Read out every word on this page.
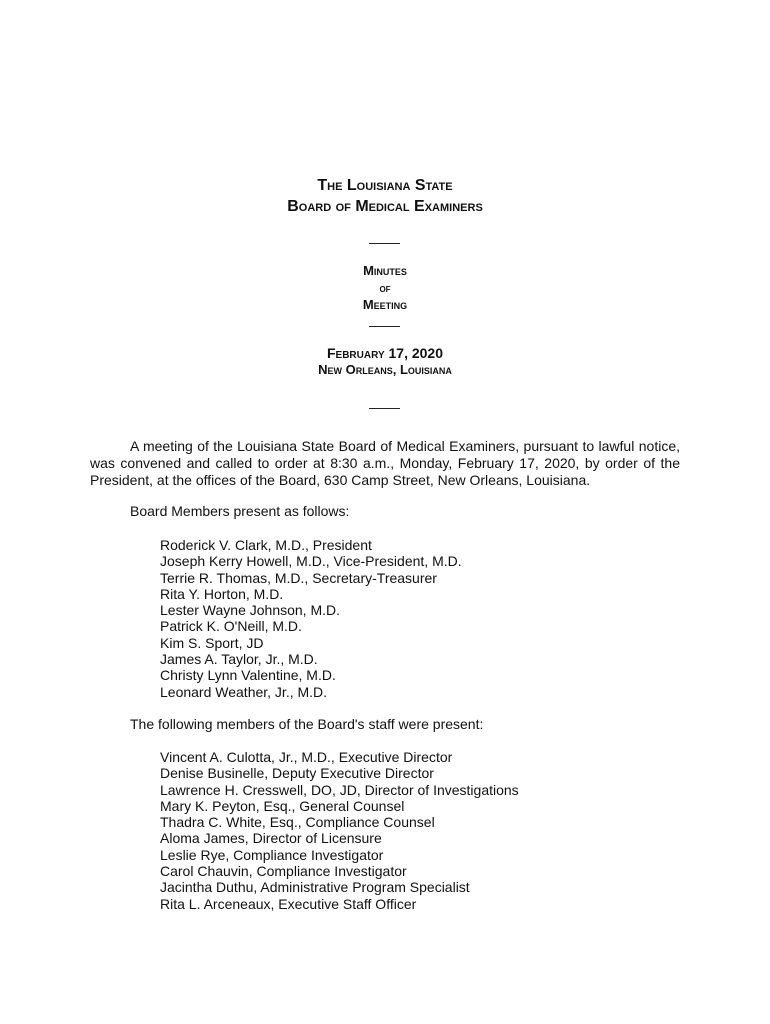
The Louisiana State
Board of Medical Examiners
Minutes
of
Meeting
February 17, 2020
New Orleans, Louisiana

A meeting of the Louisiana State Board of Medical Examiners, pursuant to lawful notice, was convened and called to order at 8:30 a.m., Monday, February 17, 2020, by order of the President, at the offices of the Board, 630 Camp Street, New Orleans, Louisiana.

Board Members present as follows:
Roderick V. Clark, M.D., President
Joseph Kerry Howell, M.D., Vice-President, M.D.
Terrie R. Thomas, M.D., Secretary-Treasurer
Rita Y. Horton, M.D.
Lester Wayne Johnson, M.D.
Patrick K. O'Neill, M.D.
Kim S. Sport, JD
James A. Taylor, Jr., M.D.
Christy Lynn Valentine, M.D.
Leonard Weather, Jr., M.D.
The following members of the Board's staff were present:
Vincent A. Culotta, Jr., M.D., Executive Director
Denise Businelle, Deputy Executive Director
Lawrence H. Cresswell, DO, JD, Director of Investigations
Mary K. Peyton, Esq., General Counsel
Thadra C. White, Esq., Compliance Counsel
Aloma James, Director of Licensure
Leslie Rye, Compliance Investigator
Carol Chauvin, Compliance Investigator
Jacintha Duthu, Administrative Program Specialist
Rita L. Arceneaux, Executive Staff Officer
